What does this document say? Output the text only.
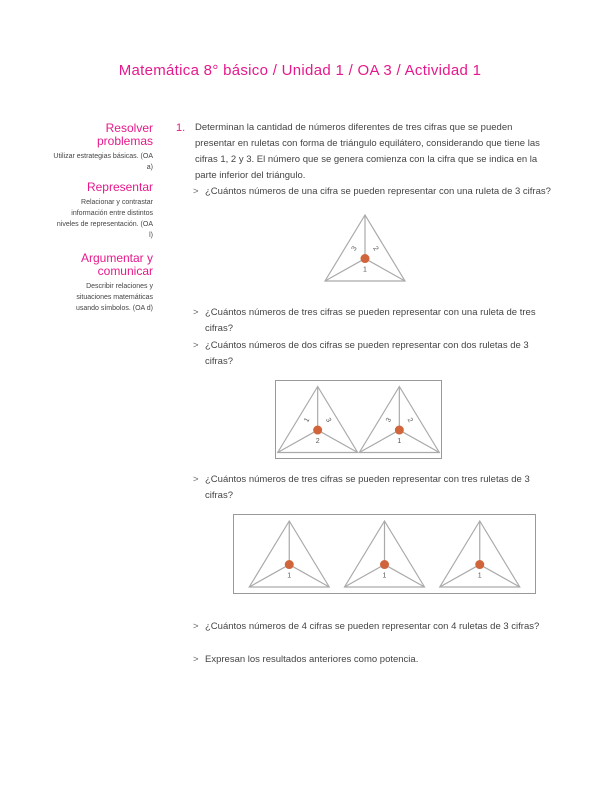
Matemática 8° básico / Unidad 1 / OA 3 / Actividad 1
Resolver problemas
Utilizar estrategias básicas. (OA a)
Representar
Relacionar y contrastar información entre distintos niveles de representación. (OA l)
Argumentar y comunicar
Describir relaciones y situaciones matemáticas usando símbolos. (OA d)
1. Determinan la cantidad de números diferentes de tres cifras que se pueden presentar en ruletas con forma de triángulo equilátero, considerando que tiene las cifras 1, 2 y 3. El número que se genera comienza con la cifra que se indica en la parte inferior del triángulo.
> ¿Cuántos números de una cifra se pueden representar con una ruleta de 3 cifras?
> ¿Cuántos números de tres cifras se pueden representar con una ruleta de tres cifras?
> ¿Cuántos números de dos cifras se pueden representar con dos ruletas de 3 cifras?
> ¿Cuántos números de tres cifras se pueden representar con tres ruletas de 3 cifras?
> ¿Cuántos números de 4 cifras se pueden representar con 4 ruletas de 3 cifras?
> Expresan los resultados anteriores como potencia.
1
3 2
2
1 3
1
3 2
1	1	1
